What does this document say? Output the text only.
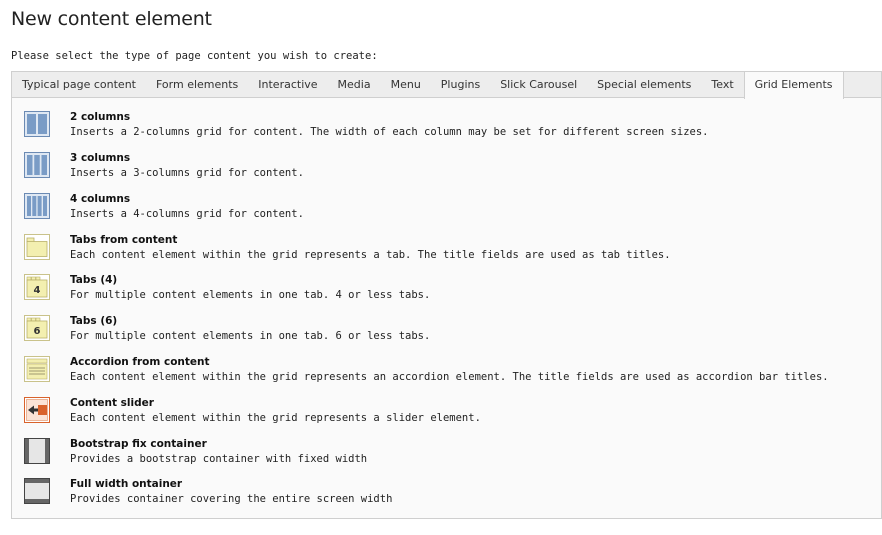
New content element
Please select the type of page content you wish to create:
Typical page content	Form elements	Interactive	Media	Menu	Plugins	Slick Carousel	Special elements	Text	Grid Elements
2 columns
Inserts a 2-columns grid for content. The width of each column may be set for different screen sizes.
3 columns
Inserts a 3-columns grid for content.
4 columns
Inserts a 4-columns grid for content.
Tabs from content
Each content element within the grid represents a tab. The title fields are used as tab titles.
4
Tabs (4)
For multiple content elements in one tab. 4 or less tabs.
6
Tabs (6)
For multiple content elements in one tab. 6 or less tabs.
Accordion from content
Each content element within the grid represents an accordion element. The title fields are used as accordion bar titles.
Content slider
Each content element within the grid represents a slider element.
Bootstrap fix container
Provides a bootstrap container with fixed width
Full width ontainer
Provides container covering the entire screen width
